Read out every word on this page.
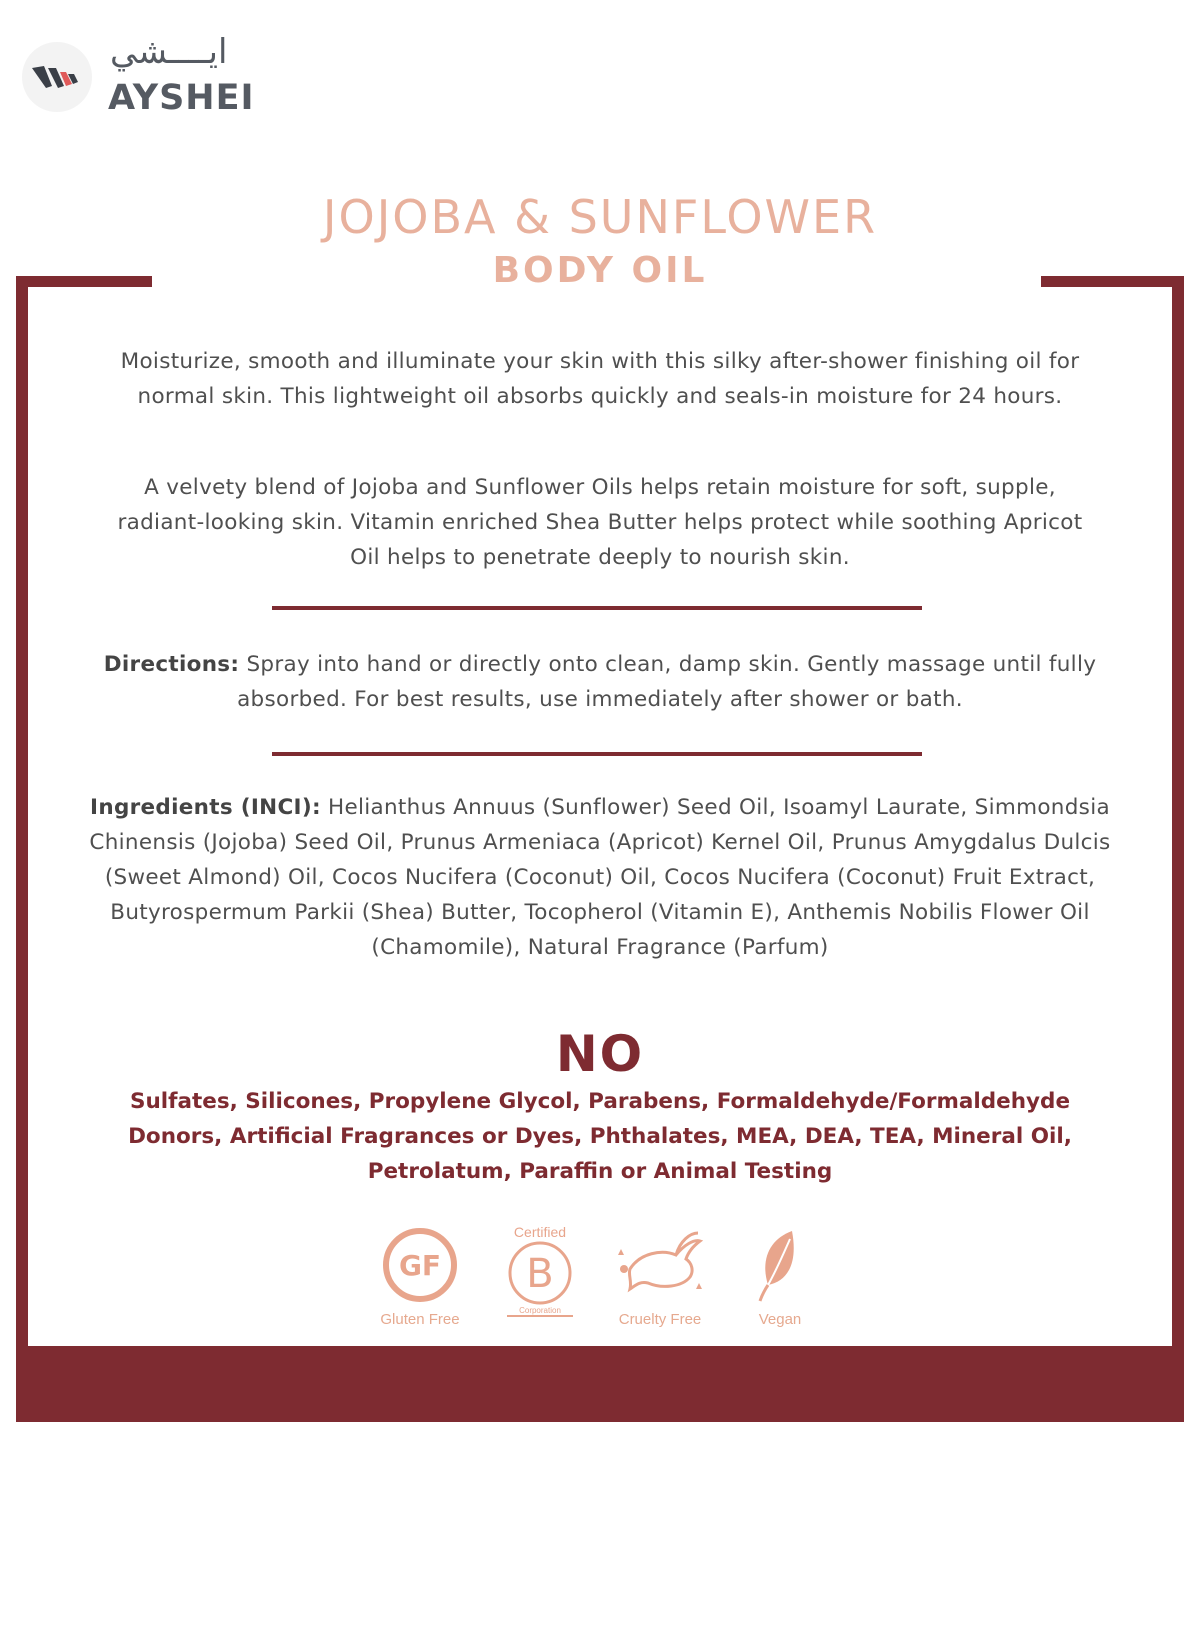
ايــــشي
AYSHEI
JOJOBA & SUNFLOWER
BODY OIL

Moisturize, smooth and illuminate your skin with this silky after-shower finishing oil for normal skin. This lightweight oil absorbs quickly and seals-in moisture for 24 hours.

A velvety blend of Jojoba and Sunflower Oils helps retain moisture for soft, supple, radiant-looking skin. Vitamin enriched Shea Butter helps protect while soothing Apricot Oil helps to penetrate deeply to nourish skin.

Directions: Spray into hand or directly onto clean, damp skin. Gently massage until fully absorbed. For best results, use immediately after shower or bath.

Ingredients (INCI): Helianthus Annuus (Sunflower) Seed Oil, Isoamyl Laurate, Simmondsia Chinensis (Jojoba) Seed Oil, Prunus Armeniaca (Apricot) Kernel Oil, Prunus Amygdalus Dulcis (Sweet Almond) Oil, Cocos Nucifera (Coconut) Oil, Cocos Nucifera (Coconut) Fruit Extract, Butyrospermum Parkii (Shea) Butter, Tocopherol (Vitamin E), Anthemis Nobilis Flower Oil (Chamomile), Natural Fragrance (Parfum)

NO

Sulfates, Silicones, Propylene Glycol, Parabens, Formaldehyde/Formaldehyde Donors, Artificial Fragrances or Dyes, Phthalates, MEA, DEA, TEA, Mineral Oil, Petrolatum, Paraffin or Animal Testing

GF
Gluten Free
Certified
B
Corporation
Cruelty Free	Vegan
